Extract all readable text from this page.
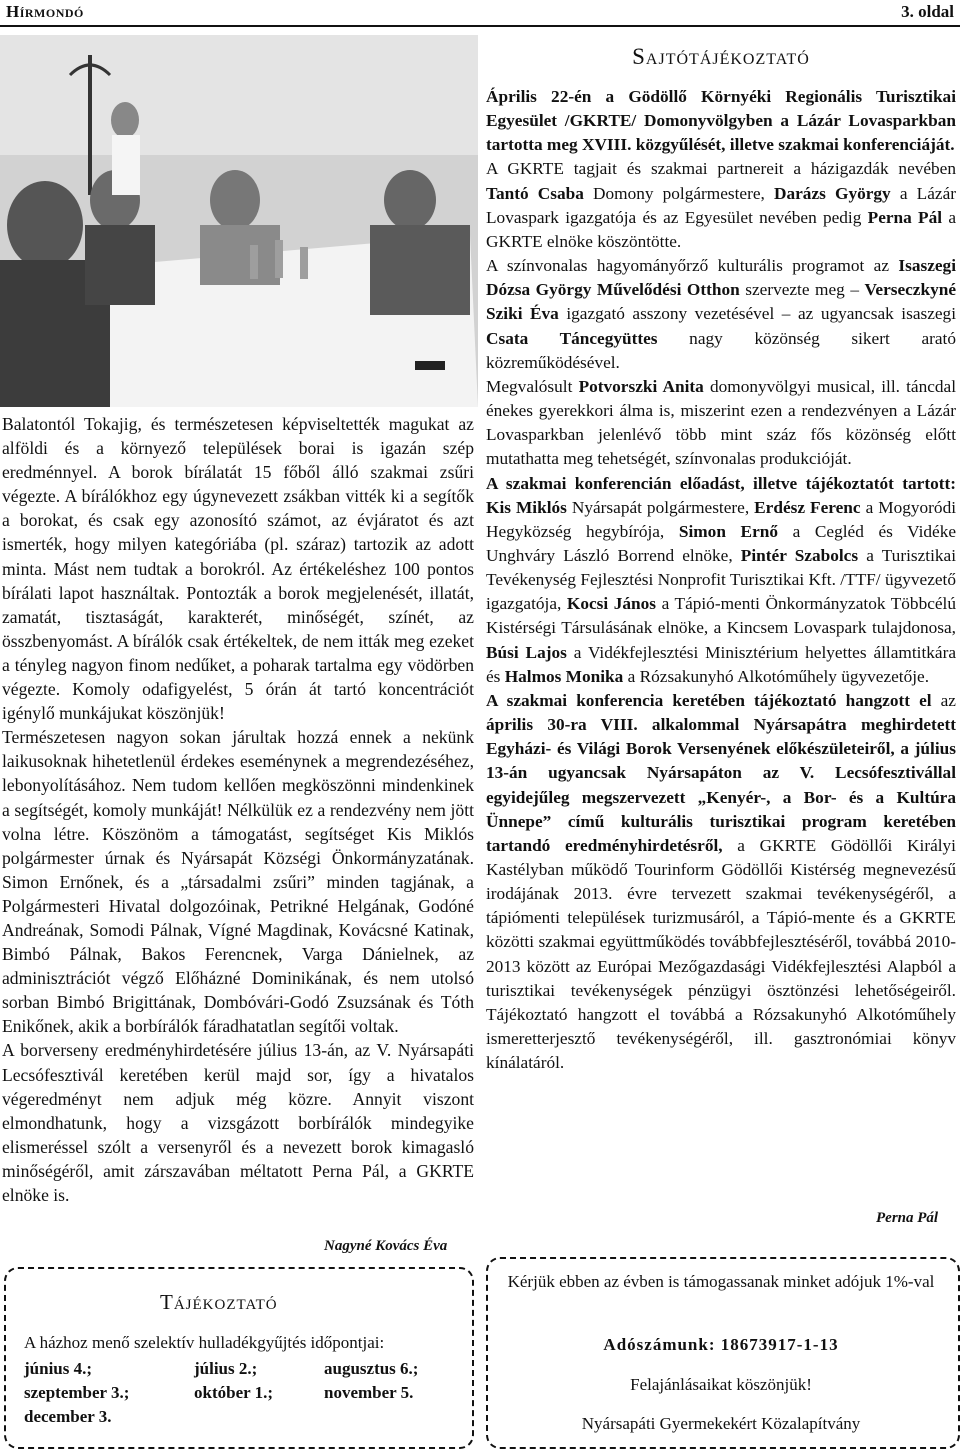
Hírmondó	3. oldal

Balatontól Tokajig, és természetesen képviseltették magukat az alföldi és a környező települések borai is igazán szép eredménnyel. A borok bírálatát 15 főből álló szakmai zsűri végezte. A bírálókhoz egy úgynevezett zsákban vitték ki a segítők a borokat, és csak egy azonosító számot, az évjáratot és azt ismerték, hogy milyen kategóriába (pl. száraz) tartozik az adott minta. Mást nem tudtak a borokról. Az értékeléshez 100 pontos bírálati lapot használtak. Pontozták a borok megjelenését, illatát, zamatát, tisztaságát, karakterét, minőségét, színét, az összbenyomást. A bírálók csak értékeltek, de nem itták meg ezeket a tényleg nagyon finom nedűket, a poharak tartalma egy vödörben végezte. Komoly odafigyelést, 5 órán át tartó koncentrációt igénylő munkájukat köszönjük!

Természetesen nagyon sokan járultak hozzá ennek a nekünk laikusoknak hihetetlenül érdekes eseménynek a megrendezéséhez, lebonyolításához. Nem tudom kellően megköszönni mindenkinek a segítségét, komoly munkáját! Nélkülük ez a rendezvény nem jött volna létre. Köszönöm a támogatást, segítséget Kis Miklós polgármester úrnak és Nyársapát Községi Önkormányzatának. Simon Ernőnek, és a „társadalmi zsűri” minden tagjának, a Polgármesteri Hivatal dolgozóinak, Petrikné Helgának, Godóné Andreának, Somodi Pálnak, Vígné Magdinak, Kovácsné Katinak, Bimbó Pálnak, Bakos Ferencnek, Varga Dánielnek, az adminisztrációt végző Előházné Dominikának, és nem utolsó sorban Bimbó Brigittának, Dombóvári-Godó Zsuzsának és Tóth Enikőnek, akik a borbírálók fáradhatatlan segítői voltak.

A borverseny eredményhirdetésére július 13-án, az V. Nyársapáti Lecsófesztivál keretében kerül majd sor, így a hivatalos végeredményt nem adjuk még közre. Annyit viszont elmondhatunk, hogy a vizsgázott borbírálók mindegyike elismeréssel szólt a versenyről és a nevezett borok kimagasló minőségéről, amit zárszavában méltatott Perna Pál, a GKRTE elnöke is.

Nagyné Kovács Éva
Sajtótájékoztató

Április 22-én a Gödöllő Környéki Regionális Turisztikai Egyesület /GKRTE/ Domonyvölgyben a Lázár Lovasparkban tartotta meg XVIII. közgyűlését, illetve szakmai konferenciáját.

A GKRTE tagjait és szakmai partnereit a házigazdák nevében Tantó Csaba Domony polgármestere, Darázs György a Lázár Lovaspark igazgatója és az Egyesület nevében pedig Perna Pál a GKRTE elnöke köszöntötte.

A színvonalas hagyományőrző kulturális programot az Isaszegi Dózsa György Művelődési Otthon szervezte meg – Verseczkyné Sziki Éva igazgató asszony vezetésével – az ugyancsak isaszegi Csata Táncegyüttes nagy közönség sikert arató közreműködésével.

Megvalósult Potvorszki Anita domonyvölgyi musical, ill. táncdal énekes gyerekkori álma is, miszerint ezen a rendezvényen a Lázár Lovasparkban jelenlévő több mint száz fős közönség előtt mutathatta meg tehetségét, színvonalas produkcióját.

A szakmai konferencián előadást, illetve tájékoztatót tartott: Kis Miklós Nyársapát polgármestere, Erdész Ferenc a Mogyoródi Hegyközség hegybírója, Simon Ernő a Cegléd és Vidéke Unghváry László Borrend elnöke, Pintér Szabolcs a Turisztikai Tevékenység Fejlesztési Nonprofit Turisztikai Kft. /TTF/ ügyvezető igazgatója, Kocsi János a Tápió-menti Önkormányzatok Többcélú Kistérségi Társulásának elnöke, a Kincsem Lovaspark tulajdonosa, Búsi Lajos a Vidékfejlesztési Minisztérium helyettes államtitkára és Halmos Monika a Rózsakunyhó Alkotóműhely ügyvezetője.

A szakmai konferencia keretében tájékoztató hangzott el az április 30-ra VIII. alkalommal Nyársapátra meghirdetett Egyházi- és Világi Borok Versenyének előkészületeiről, a július 13-án ugyancsak Nyársapáton az V. Lecsófesztivállal egyidejűleg megszervezett „Kenyér-, a Bor- és a Kultúra Ünnepe” című kulturális turisztikai program keretében tartandó eredményhirdetésről, a GKRTE Gödöllői Királyi Kastélyban működő Tourinform Gödöllői Kistérség megnevezésű irodájának 2013. évre tervezett szakmai tevékenységéről, a tápiómenti települések turizmusáról, a Tápió-mente és a GKRTE közötti szakmai együttműködés továbbfejlesztéséről, továbbá 2010-2013 között az Európai Mezőgazdasági Vidékfejlesztési Alapból a turisztikai tevékenységek pénzügyi ösztönzési lehetőségeiről. Tájékoztató hangzott el továbbá a Rózsakunyhó Alkotóműhely ismeretterjesztő tevékenységéről, ill. gasztronómiai könyv kínálatáról.

Perna Pál
Tájékoztató
A házhoz menő szelektív hulladékgyűjtés időpontjai:
június 4.;	július 2.;	augusztus 6.;
szeptember 3.;	október 1.;	november 5.
december 3.
Kérjük ebben az évben is támogassanak minket adójuk 1%-val
Adószámunk: 18673917-1-13
Felajánlásaikat köszönjük!
Nyársapáti Gyermekekért Közalapítvány
